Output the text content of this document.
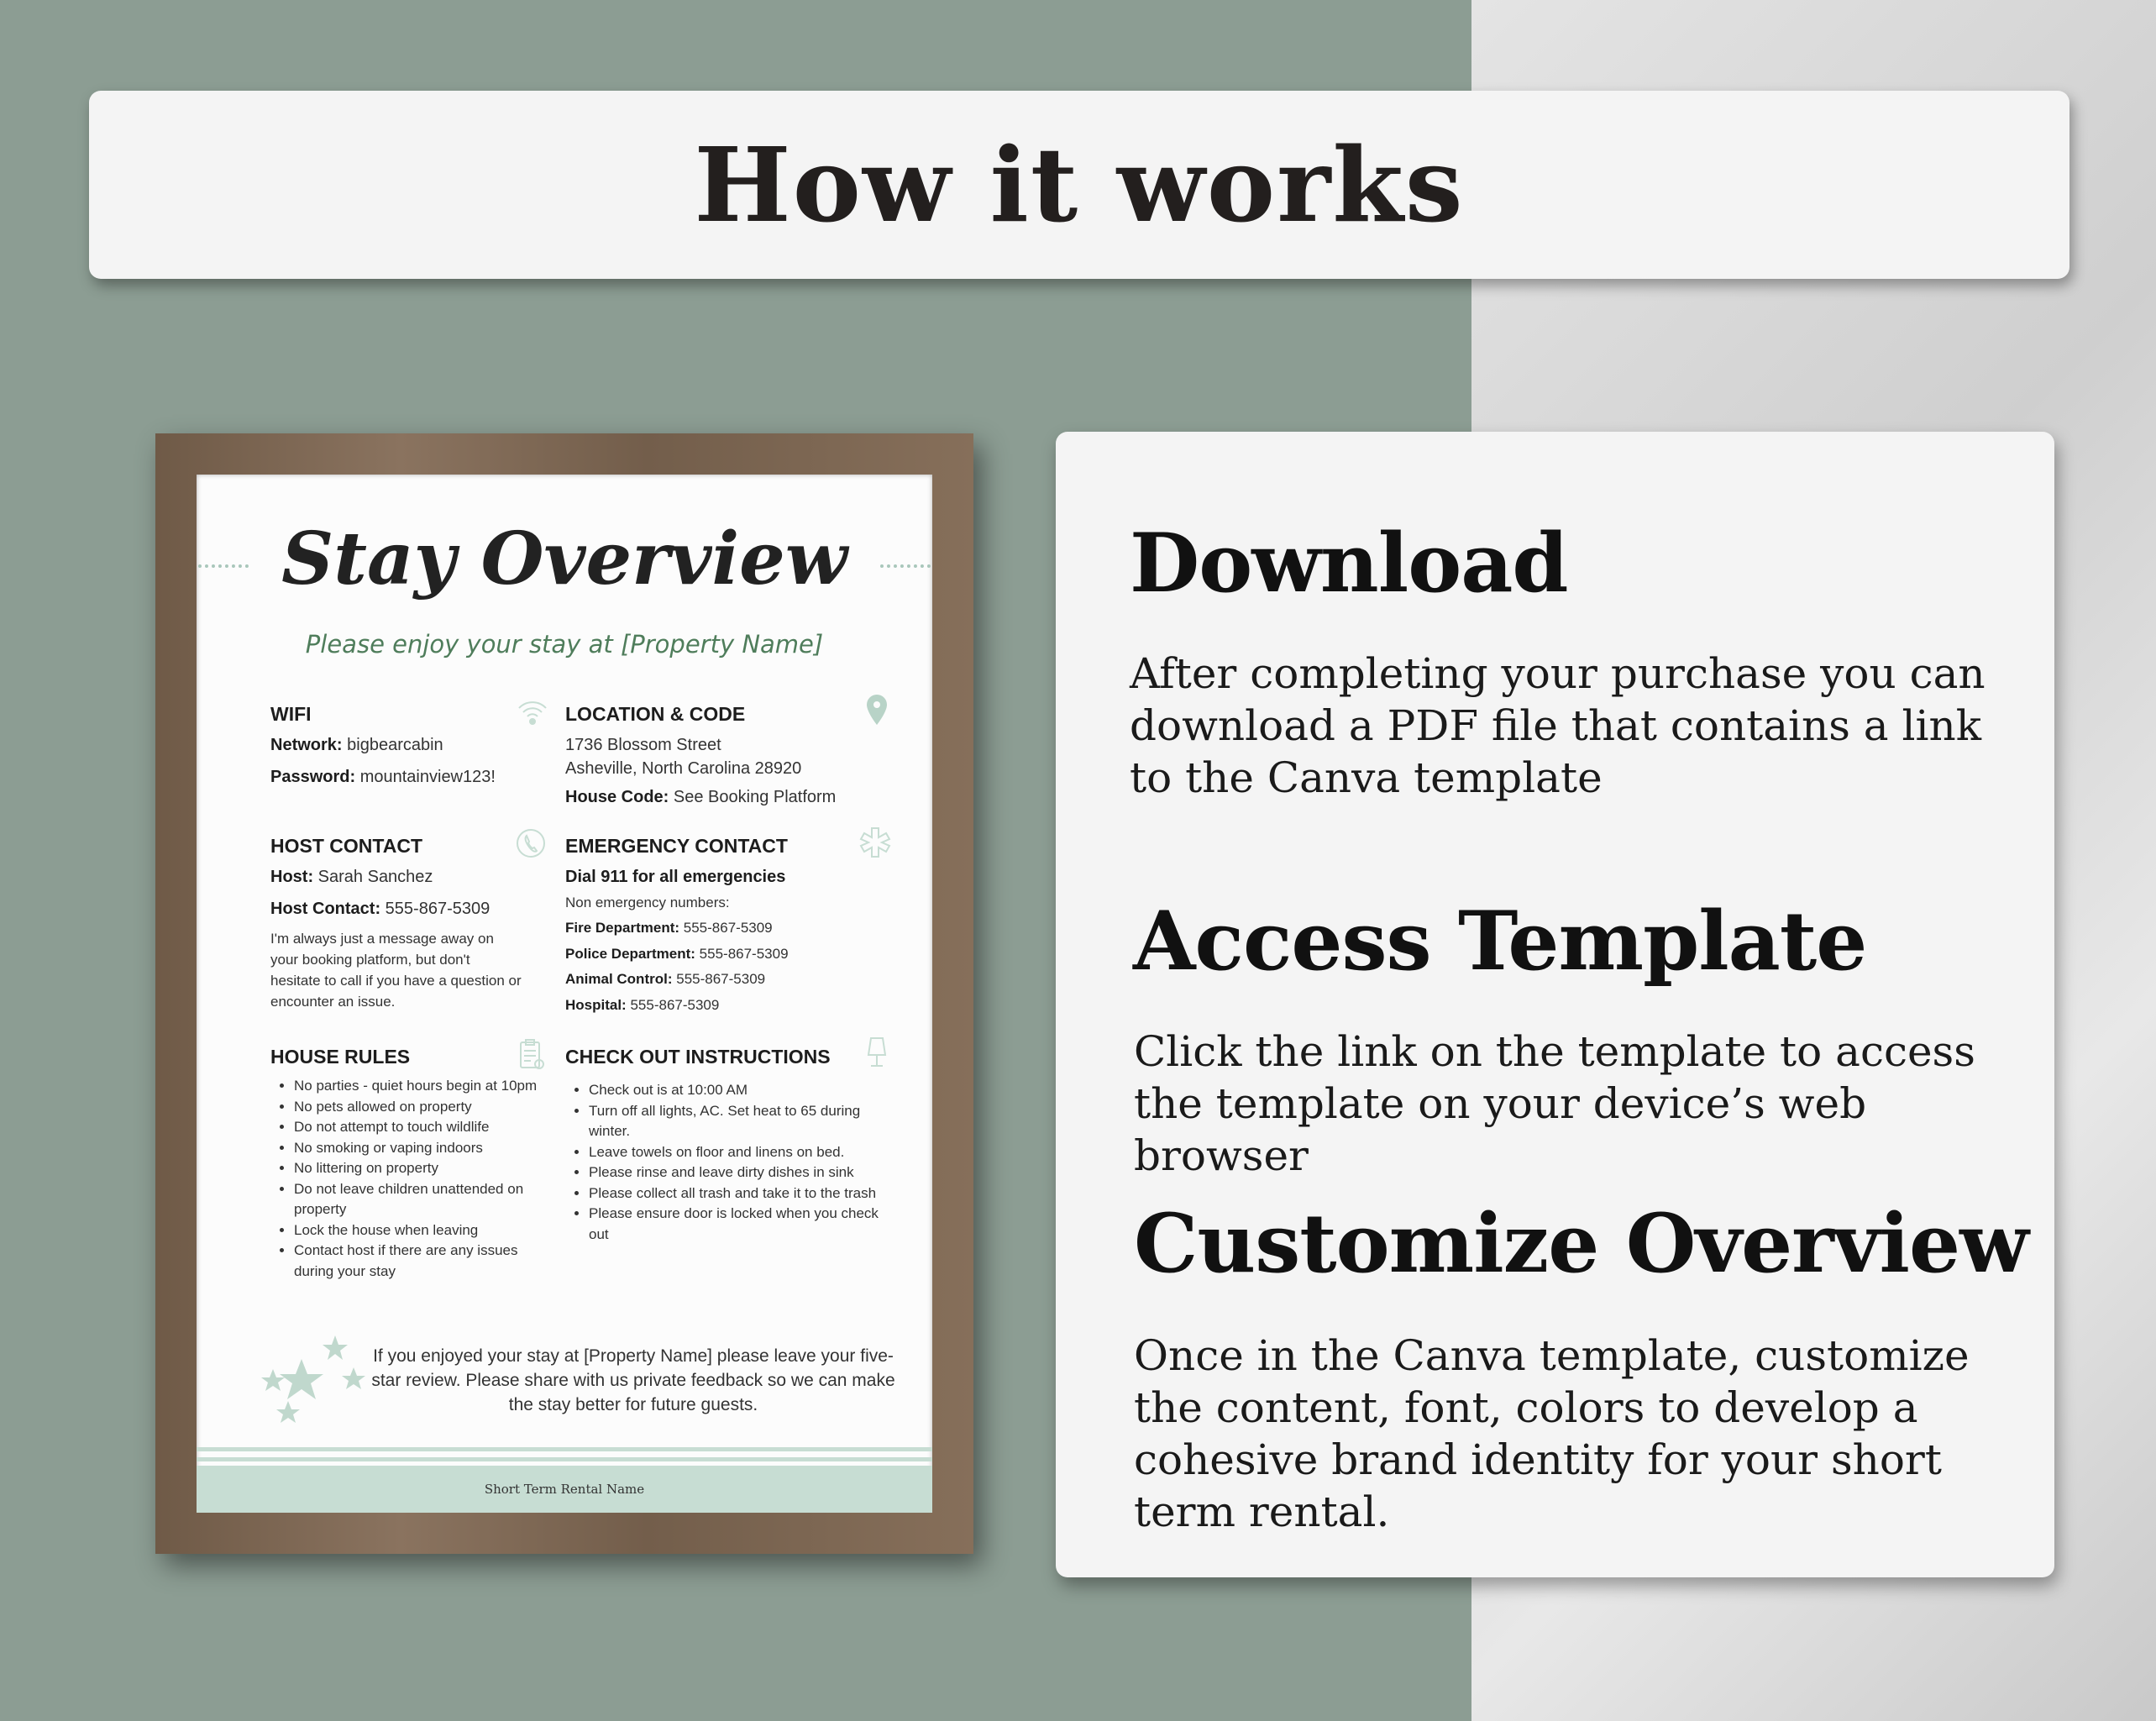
How it works
Stay Overview
Please enjoy your stay at [Property Name]
WIFI
Network: bigbearcabin
Password: mountainview123!
LOCATION & CODE
1736 Blossom Street
Asheville, North Carolina 28920
House Code: See Booking Platform
HOST CONTACT
Host: Sarah Sanchez
Host Contact: 555-867-5309
I'm always just a message away on your booking platform, but don't hesitate to call if you have a question or encounter an issue.
EMERGENCY CONTACT
Dial 911 for all emergencies
Non emergency numbers:
Fire Department: 555-867-5309
Police Department: 555-867-5309
Animal Control: 555-867-5309
Hospital: 555-867-5309
HOUSE RULES
• No parties - quiet hours begin at 10pm
• No pets allowed on property
• Do not attempt to touch wildlife
• No smoking or vaping indoors
• No littering on property
• Do not leave children unattended on property
• Lock the house when leaving
• Contact host if there are any issues during your stay
CHECK OUT INSTRUCTIONS
• Check out is at 10:00 AM
• Turn off all lights, AC. Set heat to 65 during winter.
• Leave towels on floor and linens on bed.
• Please rinse and leave dirty dishes in sink
• Please collect all trash and take it to the trash
• Please ensure door is locked when you check out
If you enjoyed your stay at [Property Name] please leave your five-star review. Please share with us private feedback so we can make the stay better for future guests.
Short Term Rental Name
Download
After completing your purchase you can download a PDF file that contains a link to the Canva template
Access Template
Click the link on the template to access the template on your device’s web browser
Customize Overview
Once in the Canva template, customize the content, font, colors to develop a cohesive brand identity for your short term rental.
